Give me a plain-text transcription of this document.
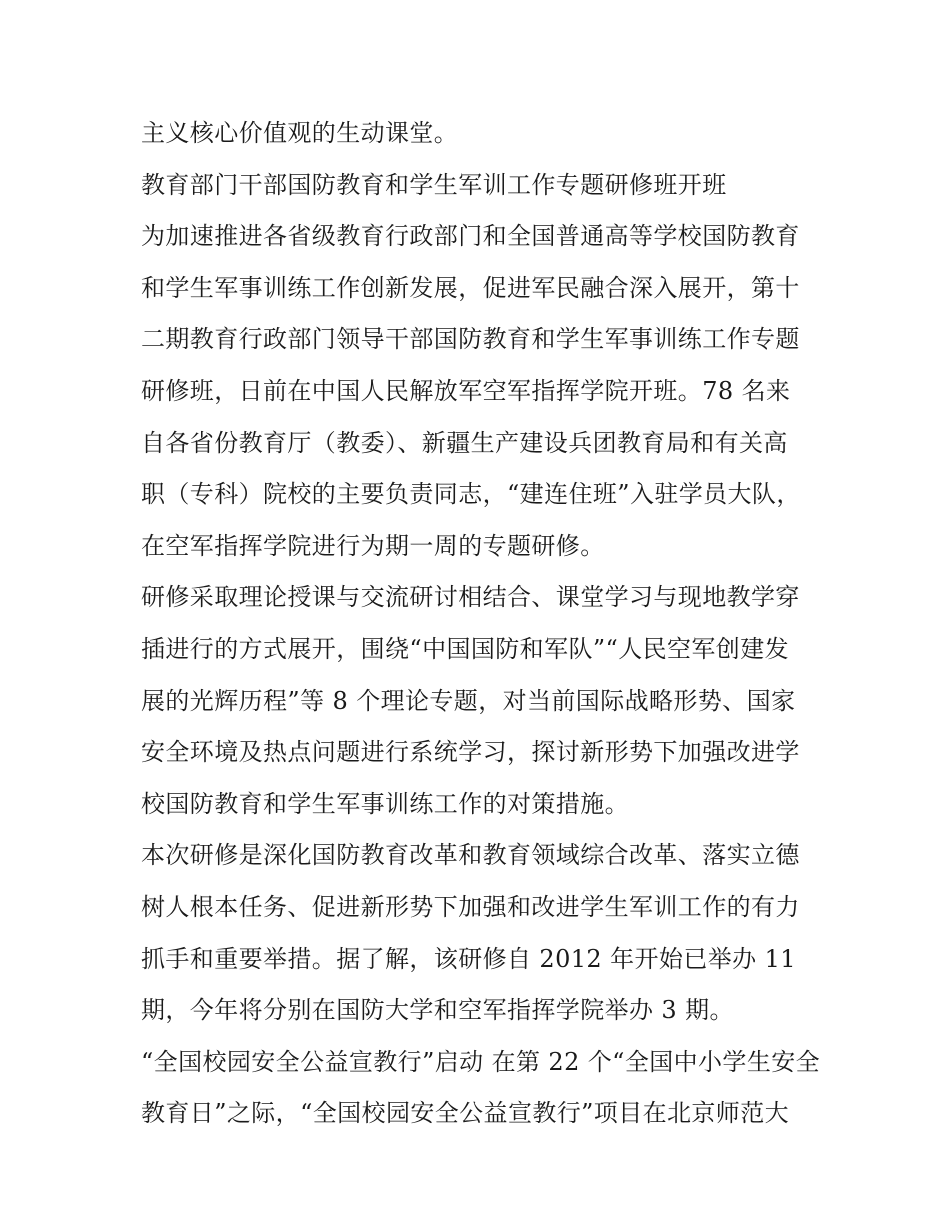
主义核心价值观的生动课堂。
教育部门干部国防教育和学生军训工作专题研修班开班
为加速推进各省级教育行政部门和全国普通高等学校国防教育
和学生军事训练工作创新发展，促进军民融合深入展开，第十
二期教育行政部门领导干部国防教育和学生军事训练工作专题
研修班，日前在中国人民解放军空军指挥学院开班。78 名来
自各省份教育厅（教委）、新疆生产建设兵团教育局和有关高
职（专科）院校的主要负责同志，“建连住班”入驻学员大队，
在空军指挥学院进行为期一周的专题研修。
研修采取理论授课与交流研讨相结合、课堂学习与现地教学穿
插进行的方式展开，围绕“中国国防和军队”“人民空军创建发
展的光辉历程”等 8 个理论专题，对当前国际战略形势、国家
安全环境及热点问题进行系统学习，探讨新形势下加强改进学
校国防教育和学生军事训练工作的对策措施。
本次研修是深化国防教育改革和教育领域综合改革、落实立德
树人根本任务、促进新形势下加强和改进学生军训工作的有力
抓手和重要举措。据了解，该研修自 2012 年开始已举办 11
期，今年将分别在国防大学和空军指挥学院举办 3 期。
“全国校园安全公益宣教行”启动 在第 22 个“全国中小学生安全
教育日”之际，“全国校园安全公益宣教行”项目在北京师范大
